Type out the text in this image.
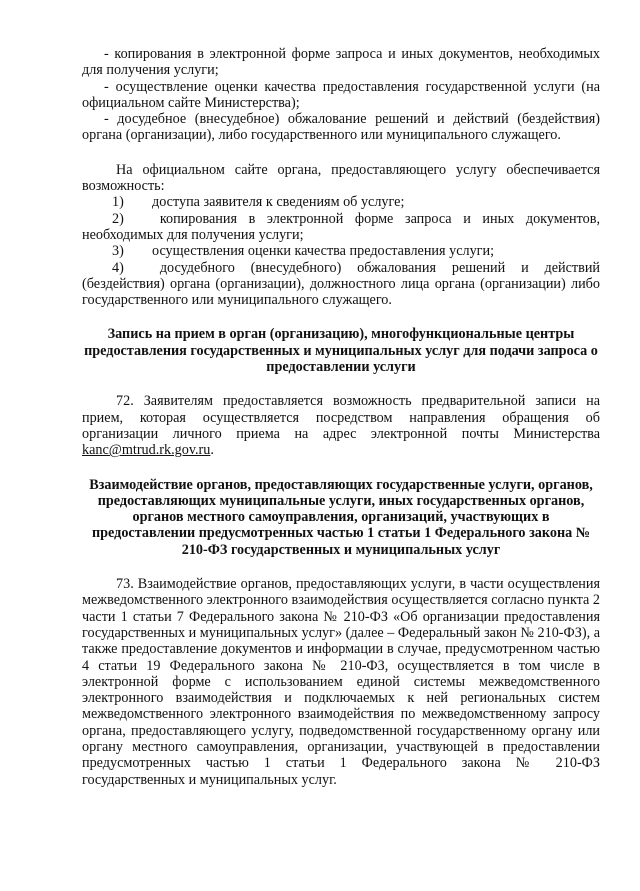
- копирования в электронной форме запроса и иных документов, необходимых для получения услуги;

- осуществление оценки качества предоставления государственной услуги (на официальном сайте Министерства);

- досудебное (внесудебное) обжалование решений и действий (бездействия) органа (организации), либо государственного или муниципального служащего.

На официальном сайте органа, предоставляющего услугу обеспечивается возможность:

1)	доступа заявителя к сведениям об услуге;

2)	копирования в электронной форме запроса и иных документов, необходимых для получения услуги;

3)	осуществления оценки качества предоставления услуги;

4)	досудебного (внесудебного) обжалования решений и действий (бездействия) органа (организации), должностного лица органа (организации) либо государственного или муниципального служащего.

Запись на прием в орган (организацию), многофункциональные центры предоставления государственных и муниципальных услуг для подачи запроса о предоставлении услуги

72. Заявителям предоставляется возможность предварительной записи на прием, которая осуществляется посредством направления обращения об организации личного приема на адрес электронной почты Министерства kanc@mtrud.rk.gov.ru.

Взаимодействие органов, предоставляющих государственные услуги, органов, предоставляющих муниципальные услуги, иных государственных органов, органов местного самоуправления, организаций, участвующих в предоставлении предусмотренных частью 1 статьи 1 Федерального закона № 210-ФЗ государственных и муниципальных услуг

73. Взаимодействие органов, предоставляющих услуги, в части осуществления межведомственного электронного взаимодействия осуществляется согласно пункта 2 части 1 статьи 7 Федерального закона № 210-ФЗ «Об организации предоставления государственных и муниципальных услуг» (далее – Федеральный закон № 210-ФЗ), а также предоставление документов и информации в случае, предусмотренном частью 4 статьи 19 Федерального закона № 210-ФЗ, осуществляется в том числе в электронной форме с использованием единой системы межведомственного электронного взаимодействия и подключаемых к ней региональных систем межведомственного электронного взаимодействия по межведомственному запросу органа, предоставляющего услугу, подведомственной государственному органу или органу местного самоуправления, организации, участвующей в предоставлении предусмотренных частью 1 статьи 1 Федерального закона № 210-ФЗ государственных и муниципальных услуг.
